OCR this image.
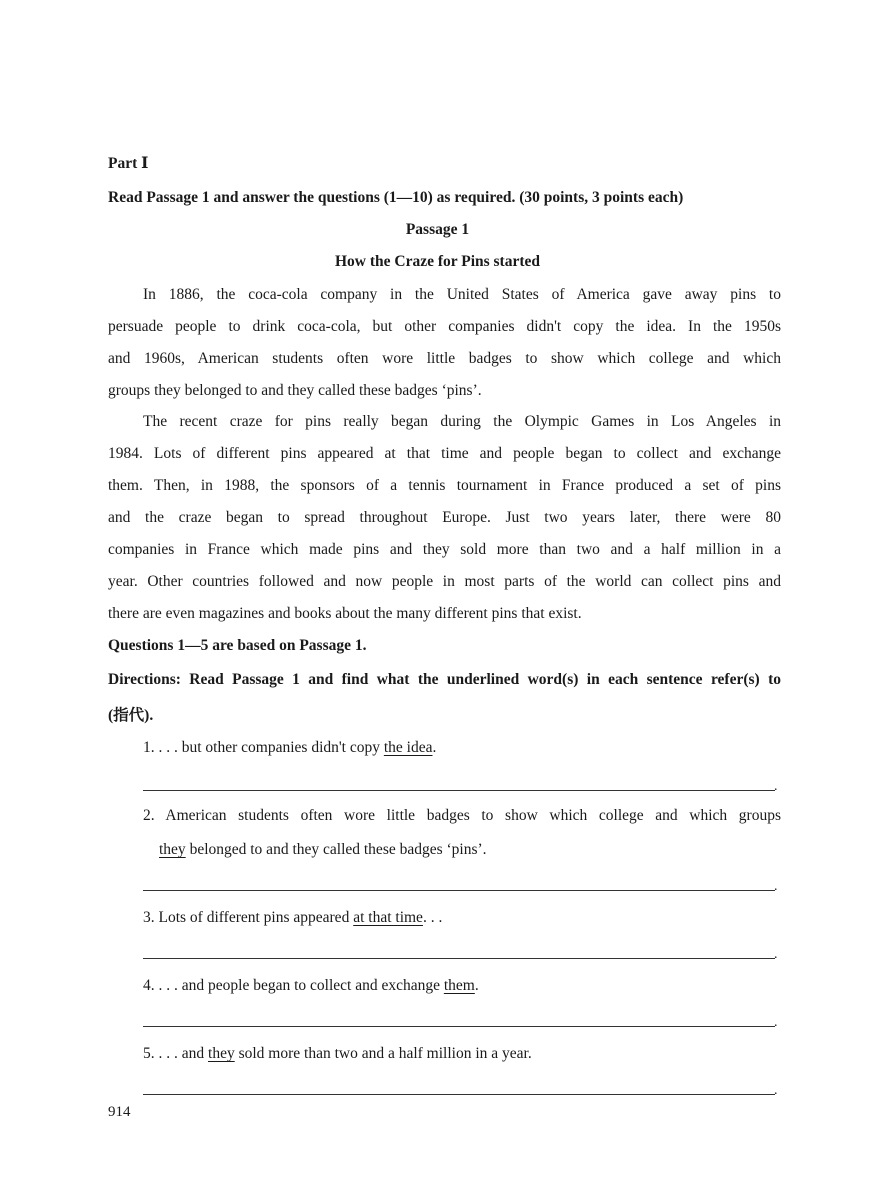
Part Ⅰ
Read Passage 1 and answer the questions (1—10) as required. (30 points, 3 points each)
Passage 1
How the Craze for Pins started
In 1886, the coca-cola company in the United States of America gave away pins to
persuade people to drink coca-cola, but other companies didn't copy the idea. In the 1950s
and 1960s, American students often wore little badges to show which college and which
groups they belonged to and they called these badges ‘pins’.
The recent craze for pins really began during the Olympic Games in Los Angeles in
1984. Lots of different pins appeared at that time and people began to collect and exchange
them. Then, in 1988, the sponsors of a tennis tournament in France produced a set of pins
and the craze began to spread throughout Europe. Just two years later, there were 80
companies in France which made pins and they sold more than two and a half million in a
year. Other countries followed and now people in most parts of the world can collect pins and
there are even magazines and books about the many different pins that exist.
Questions 1—5 are based on Passage 1.
Directions: Read Passage 1 and find what the underlined word(s) in each sentence refer(s) to
(指代).
1. . . . but other companies didn't copy the idea.
.
2. American students often wore little badges to show which college and which groups
they belonged to and they called these badges ‘pins’.
.
3. Lots of different pins appeared at that time. . .
.
4. . . . and people began to collect and exchange them.
.
5. . . . and they sold more than two and a half million in a year.
.
914
